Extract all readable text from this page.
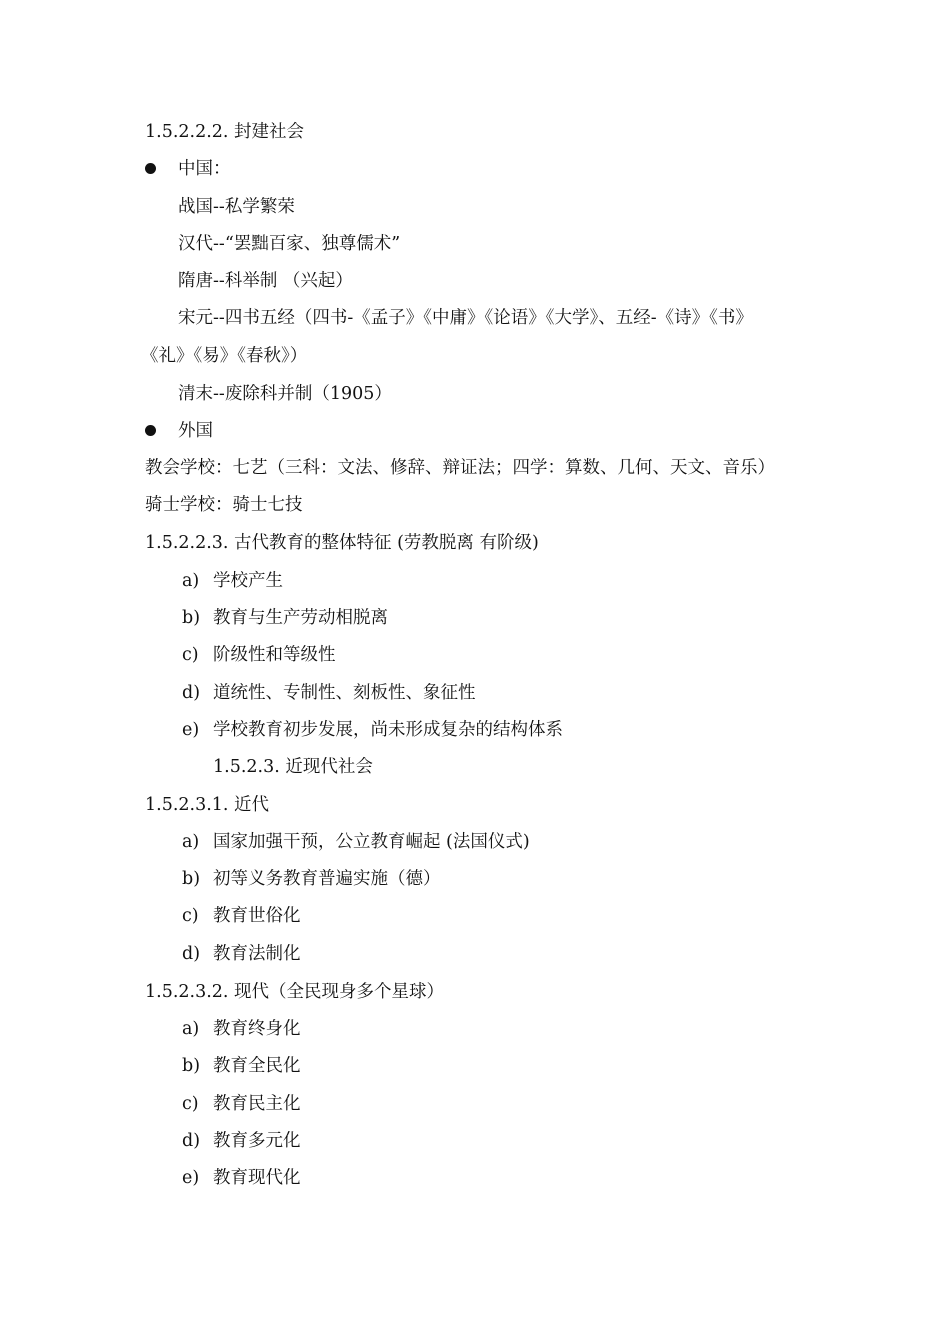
1.5.2.2.2. 封建社会
中国：
战国--私学繁荣
汉代--“罢黜百家、独尊儒术”
隋唐--科举制 （兴起）
宋元--四书五经（四书-《孟子》《中庸》《论语》《大学》、五经-《诗》《书》
《礼》《易》《春秋》）
清末--废除科并制（1905）
外国
教会学校：七艺（三科：文法、修辞、辩证法；四学：算数、几何、天文、音乐）
骑士学校：骑士七技
1.5.2.2.3. 古代教育的整体特征 (劳教脱离 有阶级)
a) 学校产生
b) 教育与生产劳动相脱离
c) 阶级性和等级性
d) 道统性、专制性、刻板性、象征性
e) 学校教育初步发展，尚未形成复杂的结构体系
1.5.2.3. 近现代社会
1.5.2.3.1. 近代
a) 国家加强干预，公立教育崛起 (法国仪式)
b) 初等义务教育普遍实施（德）
c) 教育世俗化
d) 教育法制化
1.5.2.3.2. 现代（全民现身多个星球）
a) 教育终身化
b) 教育全民化
c) 教育民主化
d) 教育多元化
e) 教育现代化
